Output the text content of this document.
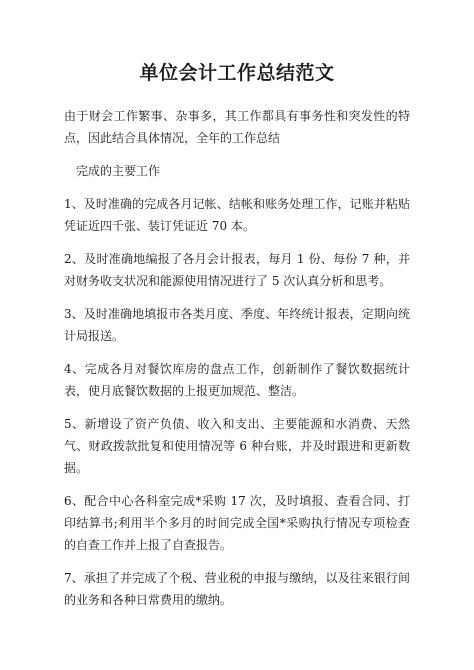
单位会计工作总结范文
由于财会工作繁事、杂事多，其工作都具有事务性和突发性的特点，因此结合具体情况，全年的工作总结
完成的主要工作
1、及时准确的完成各月记帐、结帐和账务处理工作，记账并粘贴凭证近四千张、装订凭证近 70 本。
2、及时准确地编报了各月会计报表，每月 1 份、每份 7 种，并对财务收支状况和能源使用情况进行了 5 次认真分析和思考。
3、及时准确地填报市各类月度、季度、年终统计报表，定期向统计局报送。
4、完成各月对餐饮库房的盘点工作，创新制作了餐饮数据统计表，使月底餐饮数据的上报更加规范、整洁。
5、新增设了资产负债、收入和支出、主要能源和水消费、天然气、财政拨款批复和使用情况等 6 种台账，并及时跟进和更新数据。
6、配合中心各科室完成*采购 17 次，及时填报、查看合同、打印结算书;利用半个多月的时间完成全国*采购执行情况专项检查的自查工作并上报了自查报告。
7、承担了并完成了个税、营业税的申报与缴纳，以及往来银行间的业务和各种日常费用的缴纳。
